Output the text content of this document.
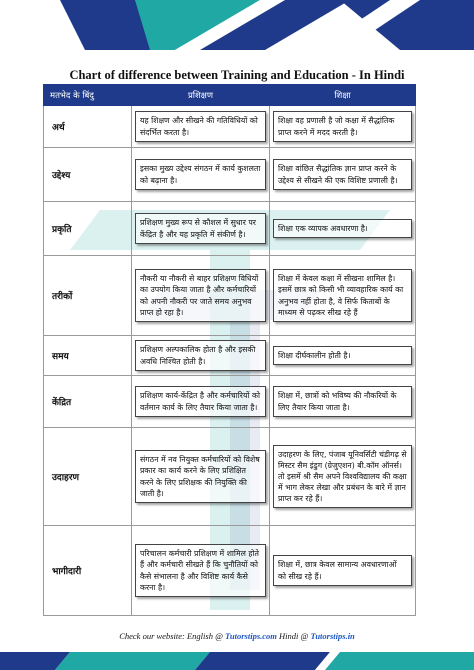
Chart of difference between Training and Education - In Hindi
मतभेद के बिंदु	प्रशिक्षण	शिक्षा
अर्थ	यह शिक्षण और सीखने की गतिविधियों को संदर्भित करता है।	शिक्षा वह प्रणाली है जो कक्षा में सैद्धांतिक प्राप्त करने में मदद करती है।

उद्देश्य	इसका मुख्य उद्देश्य संगठन में कार्य कुशलता को बढ़ाना है।	शिक्षा वांछित सैद्धांतिक ज्ञान प्राप्त करने के उद्देश्य से सीखने की एक विशिष्ट प्रणाली है।

प्रकृति	प्रशिक्षण मुख्य रूप से कौशल में सुधार पर केंद्रित है और यह प्रकृति में संकीर्ण है।	शिक्षा एक व्यापक अवधारणा है।

तरीकों	नौकरी या नौकरी से बाहर प्रशिक्षण विधियों का उपयोग किया जाता है और कर्मचारियों को अपनी नौकरी पर जाते समय अनुभव प्राप्त हो रहा है।	शिक्षा में केवल कक्षा में सीखना शामिल है। इसमें छात्र को किसी भी व्यावहारिक कार्य का अनुभव नहीं होता है, वे सिर्फ किताबों के माध्यम से पढ़कर सीख रहे हैं

समय	प्रशिक्षण अल्पकालिक होता है और इसकी अवधि निश्चित होती है।	शिक्षा दीर्घकालीन होती है।

केंद्रित	प्रशिक्षण कार्य-केंद्रित है और कर्मचारियों को वर्तमान कार्य के लिए तैयार किया जाता है।	शिक्षा में, छात्रों को भविष्य की नौकरियों के लिए तैयार किया जाता है।

उदाहरण	संगठन में नव नियुक्त कर्मचारियों को विशेष प्रकार का कार्य करने के लिए प्रशिक्षित करने के लिए प्रशिक्षक की नियुक्ति की जाती है।	उदाहरण के लिए, पंजाब यूनिवर्सिटी चंडीगढ़ से मिस्टर सैम इंडुग (ग्रेजुएशन) बी.कॉम ऑनर्स। तो इसमें श्री सैम अपने विश्वविद्यालय की कक्षा में भाग लेकर लेखा और प्रबंधन के बारे में ज्ञान प्राप्त कर रहे हैं।

भागीदारी	परिचालन कर्मचारी प्रशिक्षण में शामिल होते हैं और कर्मचारी सीखते हैं कि चुनौतियों को कैसे संभालना है और विशिष्ट कार्य कैसे करना है।	शिक्षा में, छात्र केवल सामान्य अवधारणाओं को सीख रहे हैं।
Check our website: English @ Tutorstips.com Hindi @ Tutorstips.in
